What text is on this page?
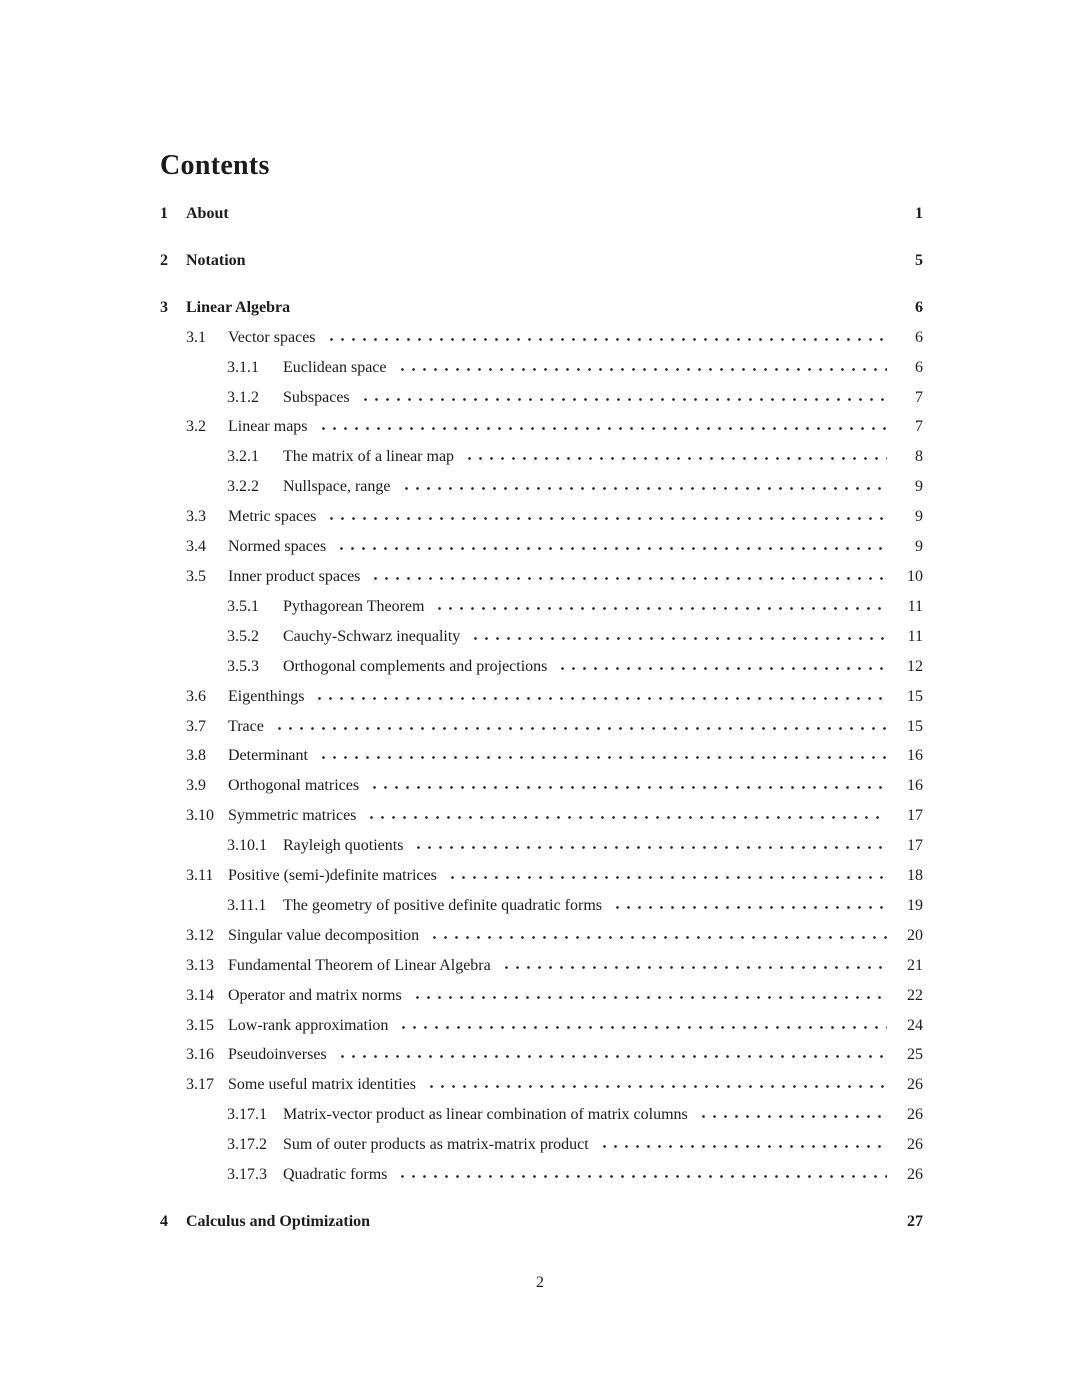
Contents
1	About	1
2	Notation	5
3	Linear Algebra	6
3.1	Vector spaces	6
3.1.1	Euclidean space	6
3.1.2	Subspaces	7
3.2	Linear maps	7
3.2.1	The matrix of a linear map	8
3.2.2	Nullspace, range	9
3.3	Metric spaces	9
3.4	Normed spaces	9
3.5	Inner product spaces	10
3.5.1	Pythagorean Theorem	11
3.5.2	Cauchy-Schwarz inequality	11
3.5.3	Orthogonal complements and projections	12
3.6	Eigenthings	15
3.7	Trace	15
3.8	Determinant	16
3.9	Orthogonal matrices	16
3.10 Symmetric matrices	17
3.10.1	Rayleigh quotients	17
3.11 Positive (semi-)definite matrices	18
3.11.1	The geometry of positive definite quadratic forms	19
3.12 Singular value decomposition	20
3.13 Fundamental Theorem of Linear Algebra	21
3.14 Operator and matrix norms	22
3.15 Low-rank approximation	24
3.16 Pseudoinverses	25
3.17 Some useful matrix identities	26
3.17.1	Matrix-vector product as linear combination of matrix columns	26
3.17.2	Sum of outer products as matrix-matrix product	26
3.17.3	Quadratic forms	26
4	Calculus and Optimization	27
2
